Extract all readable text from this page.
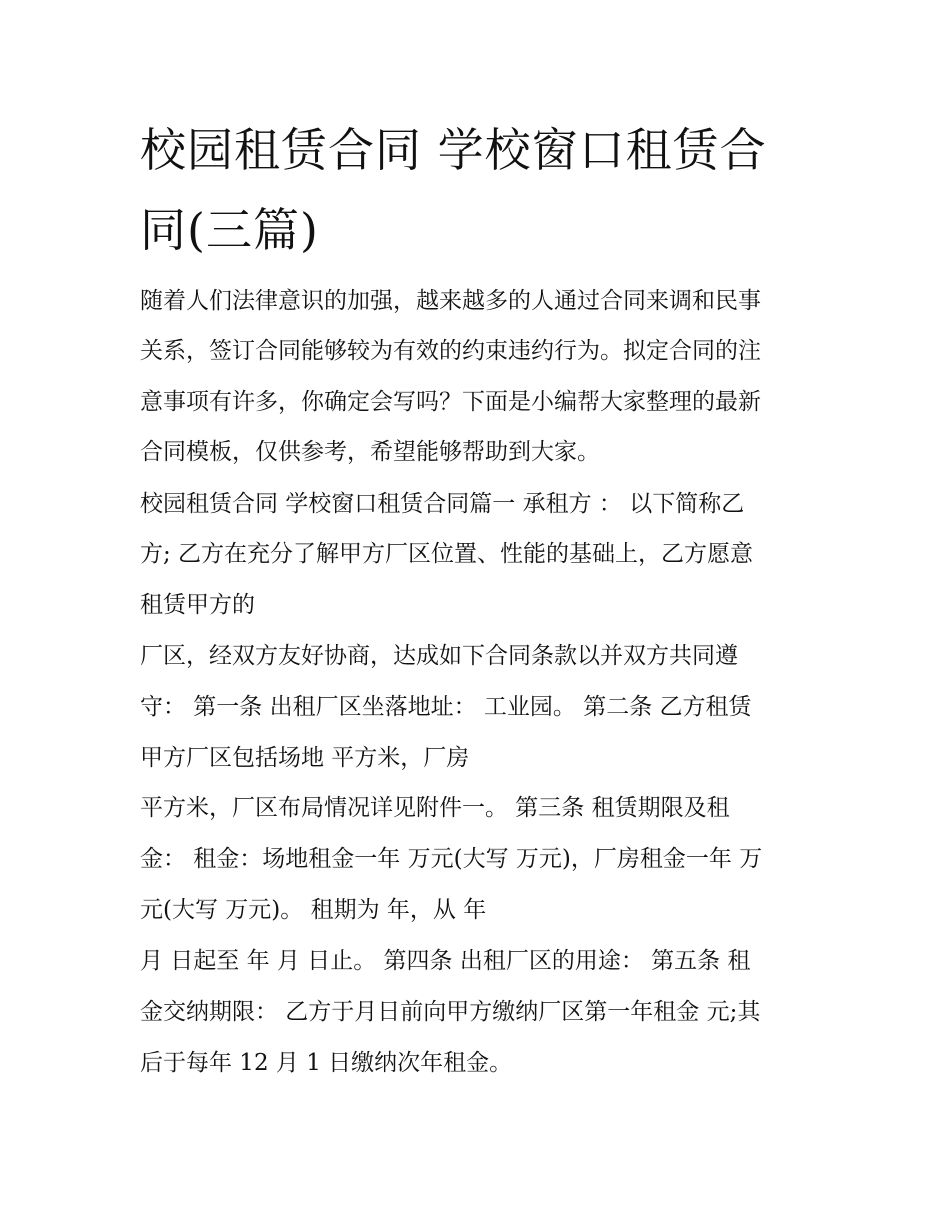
校园租赁合同 学校窗口租赁合
同(三篇)

随着人们法律意识的加强，越来越多的人通过合同来调和民事

关系，签订合同能够较为有效的约束违约行为。拟定合同的注

意事项有许多，你确定会写吗？下面是小编帮大家整理的最新

合同模板，仅供参考，希望能够帮助到大家。

校园租赁合同 学校窗口租赁合同篇一 承租方 ： 以下简称乙

方; 乙方在充分了解甲方厂区位置、性能的基础上，乙方愿意

租赁甲方的

厂区，经双方友好协商，达成如下合同条款以并双方共同遵

守： 第一条 出租厂区坐落地址： 工业园。 第二条 乙方租赁

甲方厂区包括场地 平方米，厂房

平方米，厂区布局情况详见附件一。 第三条 租赁期限及租

金： 租金：场地租金一年 万元(大写 万元)，厂房租金一年 万

元(大写 万元)。 租期为 年，从 年

月 日起至 年 月 日止。 第四条 出租厂区的用途： 第五条 租

金交纳期限： 乙方于月日前向甲方缴纳厂区第一年租金 元;其

后于每年 12 月 1 日缴纳次年租金。
